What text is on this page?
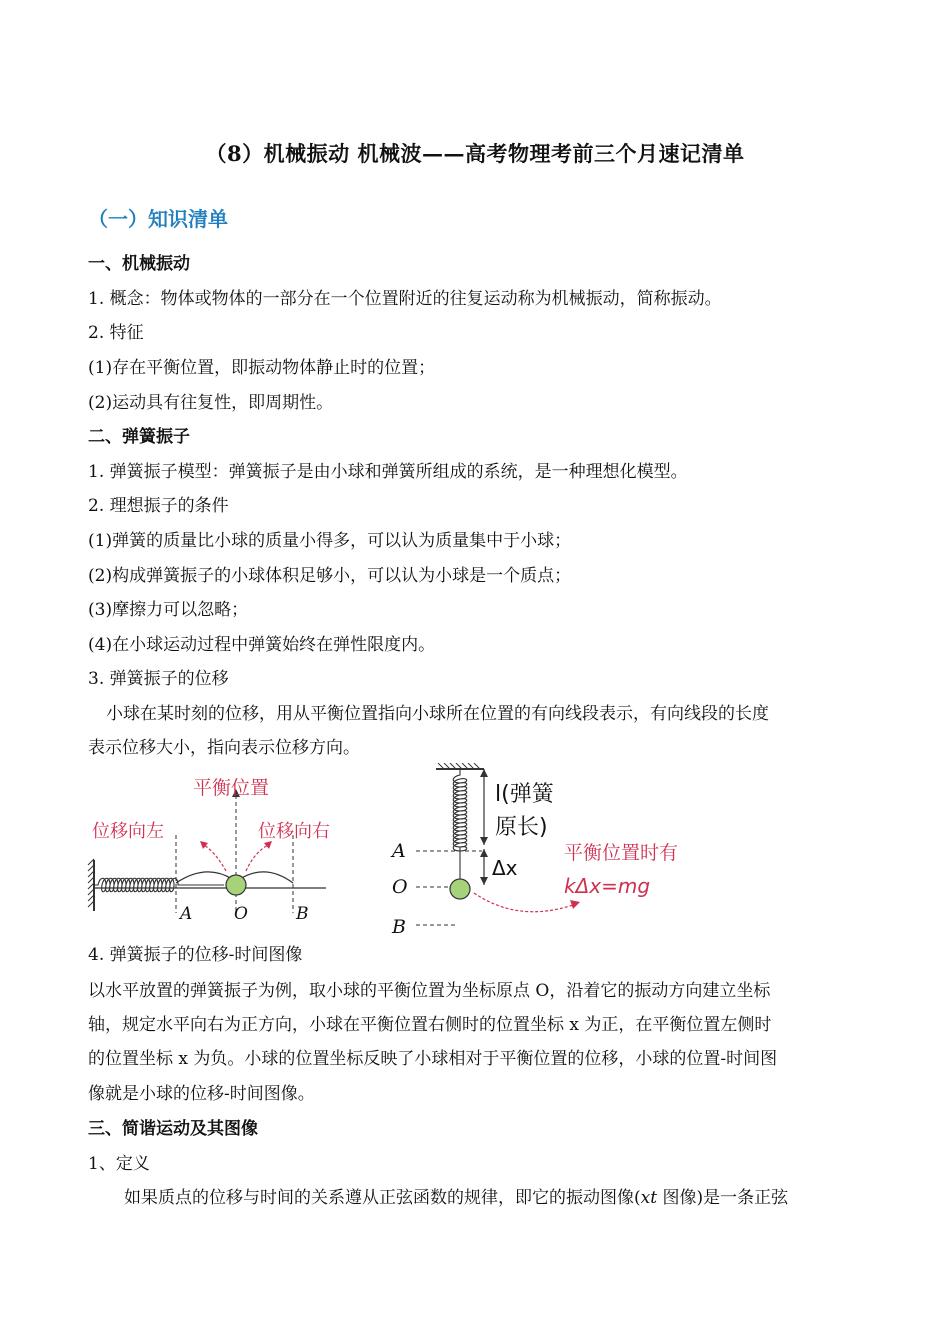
（8）机械振动 机械波——高考物理考前三个月速记清单
（一）知识清单
一、机械振动
1. 概念：物体或物体的一部分在一个位置附近的往复运动称为机械振动，简称振动。
2. 特征
(1)存在平衡位置，即振动物体静止时的位置；
(2)运动具有往复性，即周期性。
二、弹簧振子
1. 弹簧振子模型：弹簧振子是由小球和弹簧所组成的系统，是一种理想化模型。
2. 理想振子的条件
(1)弹簧的质量比小球的质量小得多，可以认为质量集中于小球；
(2)构成弹簧振子的小球体积足够小，可以认为小球是一个质点；
(3)摩擦力可以忽略；
(4)在小球运动过程中弹簧始终在弹性限度内。
3. 弹簧振子的位移
小球在某时刻的位移，用从平衡位置指向小球所在位置的有向线段表示，有向线段的长度
表示位移大小，指向表示位移方向。
平衡位置
位移向左	位移向右
A O	B
l(弹簧
原长)
A
O
B
Δx
平衡位置时有
kΔx=mg
4. 弹簧振子的位移-时间图像
以水平放置的弹簧振子为例，取小球的平衡位置为坐标原点 O，沿着它的振动方向建立坐标
轴，规定水平向右为正方向，小球在平衡位置右侧时的位置坐标 x 为正，在平衡位置左侧时
的位置坐标 x 为负。小球的位置坐标反映了小球相对于平衡位置的位移，小球的位置-时间图
像就是小球的位移-时间图像。
三、简谐运动及其图像
1、定义
如果质点的位移与时间的关系遵从正弦函数的规律，即它的振动图像(xt 图像)是一条正弦
